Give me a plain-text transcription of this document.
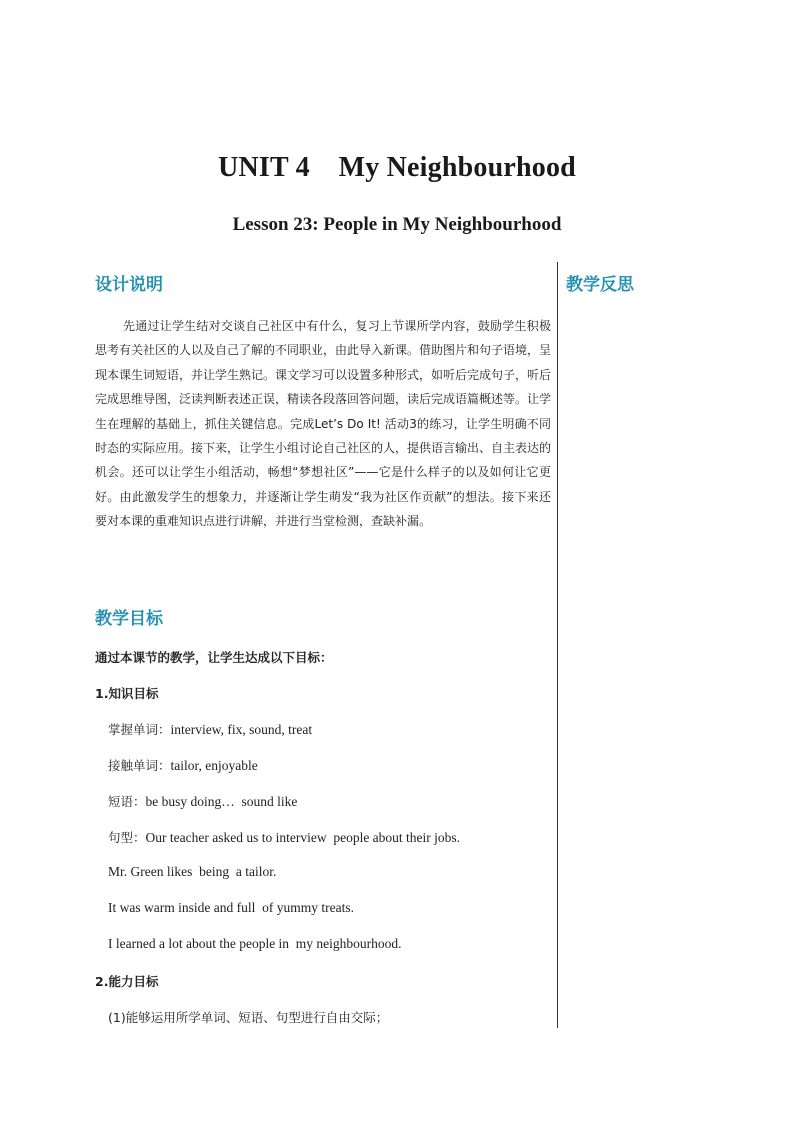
UNIT 4    My Neighbourhood
Lesson 23: People in My Neighbourhood
设计说明	教学反思
先通过让学生结对交谈自己社区中有什么，复习上节课所学内容，鼓励学生积极思考有关社区的人以及自己了解的不同职业，由此导入新课。借助图片和句子语境，呈现本课生词短语，并让学生熟记。课文学习可以设置多种形式，如听后完成句子，听后完成思维导图，泛读判断表述正误，精读各段落回答问题，读后完成语篇概述等。让学生在理解的基础上，抓住关键信息。完成Let’s Do It! 活动3的练习，让学生明确不同时态的实际应用。接下来，让学生小组讨论自己社区的人，提供语言输出、自主表达的机会。还可以让学生小组活动，畅想“梦想社区”——它是什么样子的以及如何让它更好。由此激发学生的想象力，并逐渐让学生萌发“我为社区作贡献”的想法。接下来还要对本课的重难知识点进行讲解，并进行当堂检测，查缺补漏。
教学目标
通过本课节的教学，让学生达成以下目标：
1.知识目标
掌握单词：interview, fix, sound, treat
接触单词：tailor, enjoyable
短语：be busy doing…  sound like
句型：Our teacher asked us to interview  people about their jobs.
Mr. Green likes  being  a tailor.
It was warm inside and full  of yummy treats.
I learned a lot about the people in  my neighbourhood.
2.能力目标
(1)能够运用所学单词、短语、句型进行自由交际；
